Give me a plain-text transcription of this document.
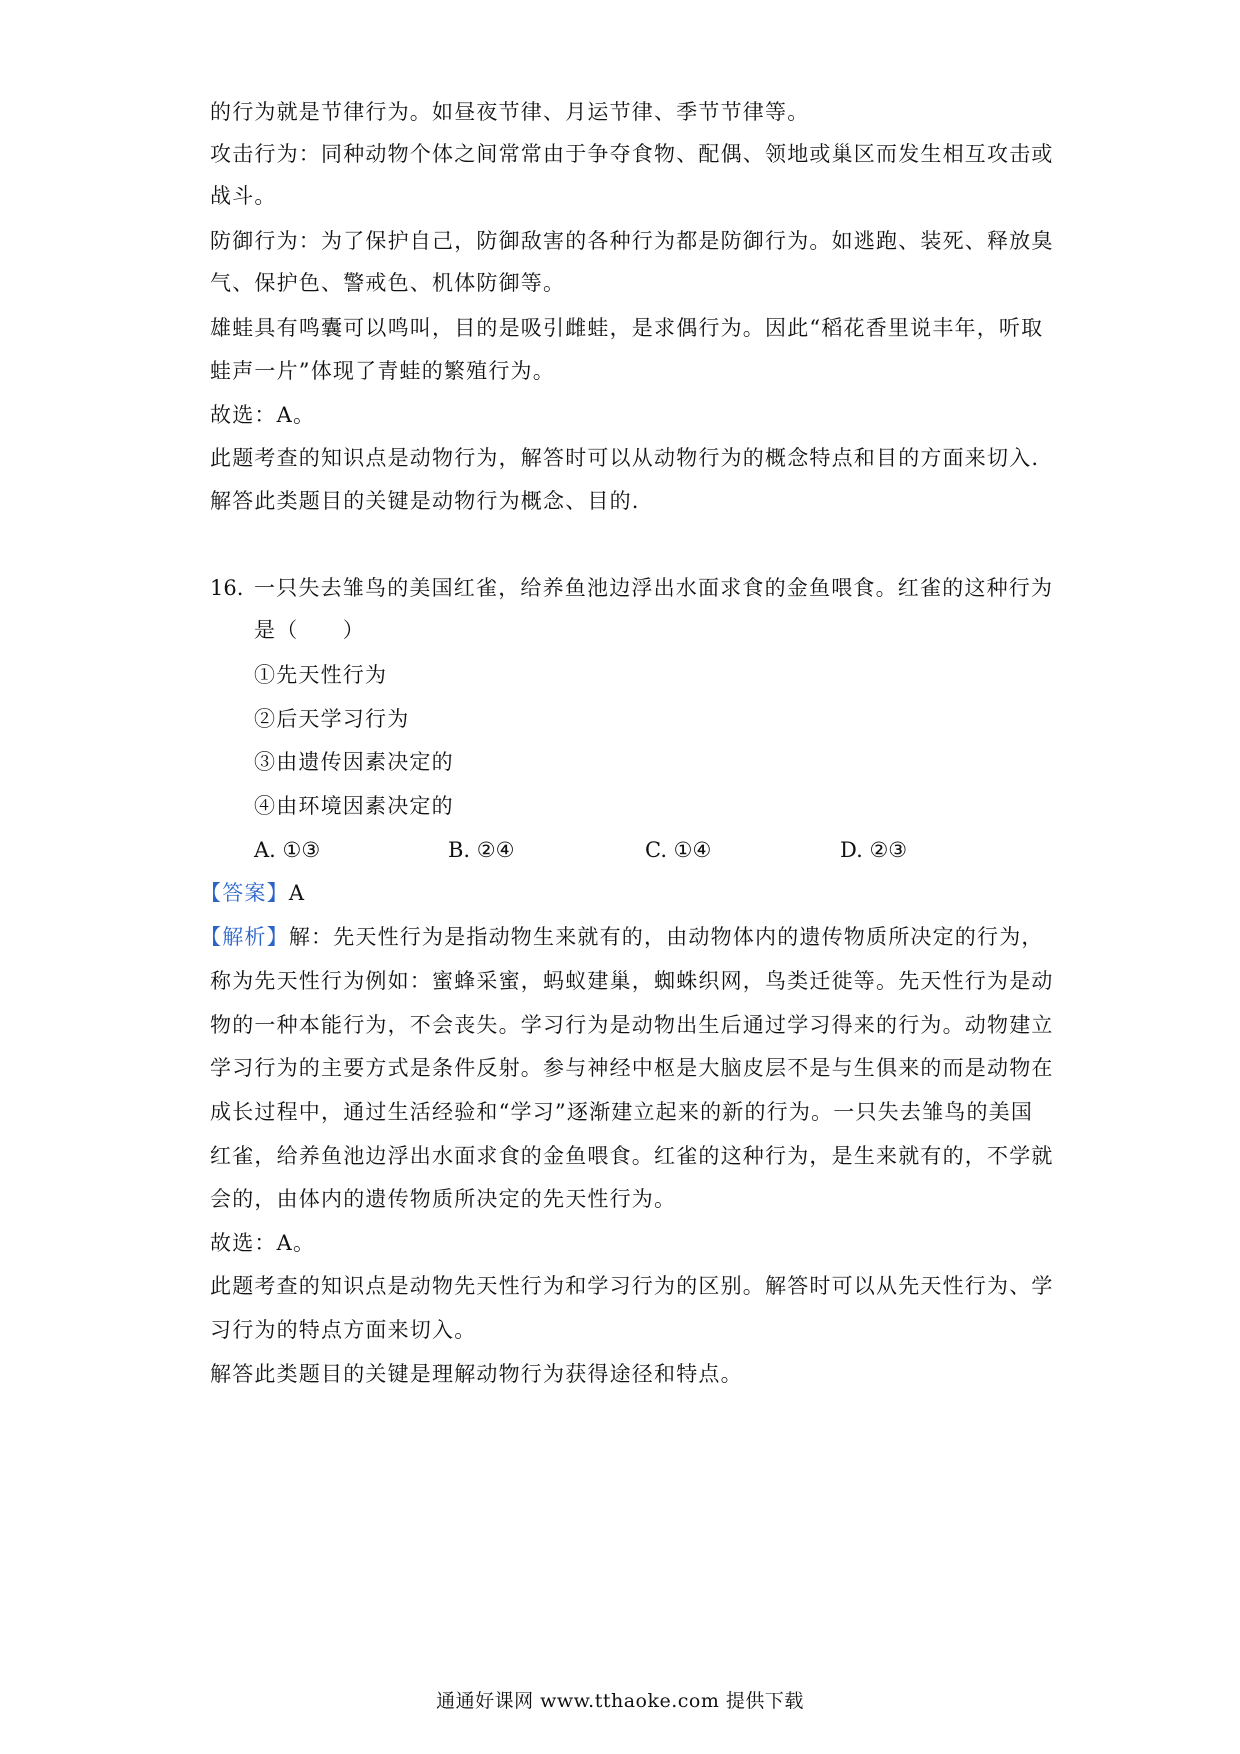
的行为就是节律行为。如昼夜节律、月运节律、季节节律等。
攻击行为：同种动物个体之间常常由于争夺食物、配偶、领地或巢区而发生相互攻击或
战斗。
防御行为：为了保护自己，防御敌害的各种行为都是防御行为。如逃跑、装死、释放臭
气、保护色、警戒色、机体防御等。
雄蛙具有鸣囊可以鸣叫，目的是吸引雌蛙，是求偶行为。因此“稻花香里说丰年，听取
蛙声一片”体现了青蛙的繁殖行为。
故选：A。
此题考查的知识点是动物行为，解答时可以从动物行为的概念特点和目的方面来切入.
解答此类题目的关键是动物行为概念、目的.
16. 一只失去雏鸟的美国红雀，给养鱼池边浮出水面求食的金鱼喂食。红雀的这种行为
是（　　）
①先天性行为
②后天学习行为
③由遗传因素决定的
④由环境因素决定的
A. ①③	B. ②④	C. ①④	D. ②③
【答案】A
【解析】解：先天性行为是指动物生来就有的，由动物体内的遗传物质所决定的行为，
称为先天性行为例如：蜜蜂采蜜，蚂蚁建巢，蜘蛛织网，鸟类迁徙等。先天性行为是动
物的一种本能行为，不会丧失。学习行为是动物出生后通过学习得来的行为。动物建立
学习行为的主要方式是条件反射。参与神经中枢是大脑皮层不是与生俱来的而是动物在
成长过程中，通过生活经验和“学习”逐渐建立起来的新的行为。一只失去雏鸟的美国
红雀，给养鱼池边浮出水面求食的金鱼喂食。红雀的这种行为，是生来就有的，不学就
会的，由体内的遗传物质所决定的先天性行为。
故选：A。
此题考查的知识点是动物先天性行为和学习行为的区别。解答时可以从先天性行为、学
习行为的特点方面来切入。
解答此类题目的关键是理解动物行为获得途径和特点。
通通好课网 www.tthaoke.com 提供下载
